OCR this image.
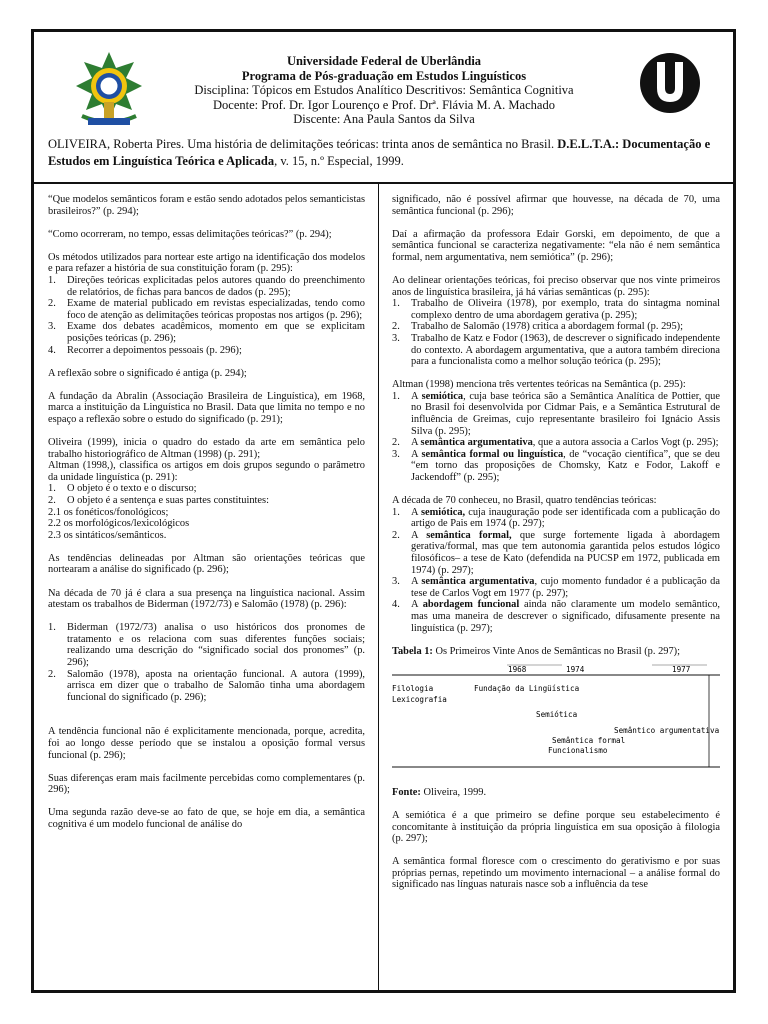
Universidade Federal de Uberlândia
Programa de Pós-graduação em Estudos Linguísticos
Disciplina: Tópicos em Estudos Analítico Descritivos: Semântica Cognitiva
Docente: Prof. Dr. Igor Lourenço e Prof. Drª. Flávia M. A. Machado
Discente: Ana Paula Santos da Silva
OLIVEIRA, Roberta Pires. Uma história de delimitações teóricas: trinta anos de semântica no Brasil. D.E.L.T.A.: Documentação e Estudos em Linguística Teórica e Aplicada, v. 15, n.º Especial, 1999.

“Que modelos semânticos foram e estão sendo adotados pelos semanticistas brasileiros?” (p. 294);

“Como ocorreram, no tempo, essas delimitações teóricas?” (p. 294);

Os métodos utilizados para nortear este artigo na identificação dos modelos e para refazer a história de sua constituição foram (p. 295):

1. Direções teóricas explicitadas pelos autores quando do preenchimento de relatórios, de fichas para bancos de dados (p. 295);
2. Exame de material publicado em revistas especializadas, tendo como foco de atenção as delimitações teóricas propostas nos artigos (p. 296);
3. Exame dos debates acadêmicos, momento em que se explicitam posições teóricas (p. 296);
4. Recorrer a depoimentos pessoais (p. 296);

A reflexão sobre o significado é antiga (p. 294);

A fundação da Abralin (Associação Brasileira de Linguística), em 1968, marca a instituição da Linguística no Brasil. Data que limita no tempo e no espaço a reflexão sobre o estudo do significado (p. 291);

Oliveira (1999), inicia o quadro do estado da arte em semântica pelo trabalho historiográfico de Altman (1998) (p. 291);

Altman (1998,), classifica os artigos em dois grupos segundo o parâmetro da unidade linguística (p. 291):

1. O objeto é o texto e o discurso;
2. O objeto é a sentença e suas partes constituintes:
2.1 os fonéticos/fonológicos;
2.2 os morfológicos/lexicológicos
2.3 os sintáticos/semânticos.

As tendências delineadas por Altman são orientações teóricas que nortearam a análise do significado (p. 296);

Na década de 70 já é clara a sua presença na linguística nacional. Assim atestam os trabalhos de Biderman (1972/73) e Salomão (1978) (p. 296):

1. Biderman (1972/73) analisa o uso históricos dos pronomes de tratamento e os relaciona com suas diferentes funções sociais; realizando uma descrição do “significado social dos pronomes” (p. 296);
2. Salomão (1978), aposta na orientação funcional. A autora (1999), arrisca em dizer que o trabalho de Salomão tinha uma abordagem funcional do significado (p. 296);

A tendência funcional não é explicitamente mencionada, porque, acredita, foi ao longo desse período que se instalou a oposição formal versus funcional (p. 296);

Suas diferenças eram mais facilmente percebidas como complementares (p. 296);

Uma segunda razão deve-se ao fato de que, se hoje em dia, a semântica cognitiva é um modelo funcional de análise do

significado, não é possível afirmar que houvesse, na década de 70, uma semântica funcional (p. 296);

Daí a afirmação da professora Edair Gorski, em depoimento, de que a semântica funcional se caracteriza negativamente: “ela não é nem semântica formal, nem argumentativa, nem semiótica” (p. 296);

Ao delinear orientações teóricas, foi preciso observar que nos vinte primeiros anos de linguística brasileira, já há várias semânticas (p. 295):

1. Trabalho de Oliveira (1978), por exemplo, trata do sintagma nominal complexo dentro de uma abordagem gerativa (p. 295);
2. Trabalho de Salomão (1978) critica a abordagem formal (p. 295);
3. Trabalho de Katz e Fodor (1963), de descrever o significado independente do contexto. A abordagem argumentativa, que a autora também direciona para a funcionalista como a melhor solução teórica (p. 295);

Altman (1998) menciona três vertentes teóricas na Semântica (p. 295):

1. A semiótica, cuja base teórica são a Semântica Analítica de Pottier, que no Brasil foi desenvolvida por Cidmar Pais, e a Semântica Estrutural de influência de Greimas, cujo representante brasileiro foi Ignácio Assis Silva (p. 295);
2. A semântica argumentativa, que a autora associa a Carlos Vogt (p. 295);
3. A semântica formal ou linguística, de “vocação científica”, que se deu “em torno das proposições de Chomsky, Katz e Fodor, Lakoff e Jackendoff” (p. 295);

A década de 70 conheceu, no Brasil, quatro tendências teóricas:

1. A semiótica, cuja inauguração pode ser identificada com a publicação do artigo de Pais em 1974 (p. 297);
2. A semântica formal, que surge fortemente ligada à abordagem gerativa/formal, mas que tem autonomia garantida pelos estudos lógico filosóficos– a tese de Kato (defendida na PUCSP em 1972, publicada em 1974) (p. 297);
3. A semântica argumentativa, cujo momento fundador é a publicação da tese de Carlos Vogt em 1977 (p. 297);
4. A abordagem funcional ainda não claramente um modelo semântico, mas uma maneira de descrever o significado, difusamente presente na linguística (p. 297);
Tabela 1: Os Primeiros Vinte Anos de Semânticas no Brasil (p. 297);
1968	1974	1977
Filologia
Lexicografia
Fundação da Lingüística
Semiótica
Semântico argumentativa
Semântica formal
Funcionalismo

Fonte: Oliveira, 1999.

A semiótica é a que primeiro se define porque seu estabelecimento é concomitante à instituição da própria linguística em sua oposição à filologia (p. 297);

A semântica formal floresce com o crescimento do gerativismo e por suas próprias pernas, repetindo um movimento internacional – a análise formal do significado nas línguas naturais nasce sob a influência da tese
